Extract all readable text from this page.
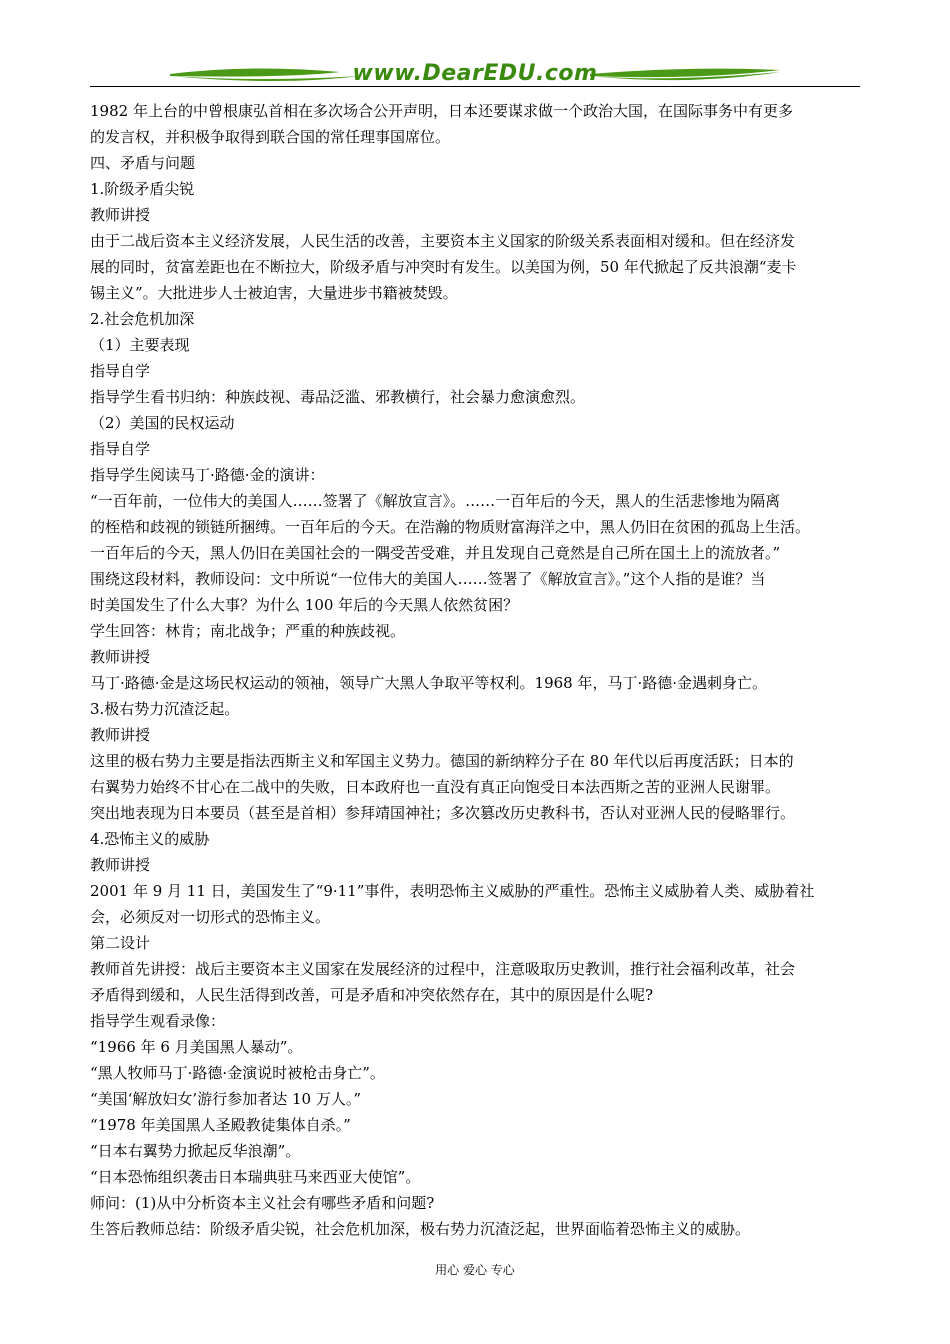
www.DearEDU.com
1982 年上台的中曾根康弘首相在多次场合公开声明，日本还要谋求做一个政治大国，在国际事务中有更多
的发言权，并积极争取得到联合国的常任理事国席位。
四、矛盾与问题
1.阶级矛盾尖锐
教师讲授
由于二战后资本主义经济发展，人民生活的改善，主要资本主义国家的阶级关系表面相对缓和。但在经济发
展的同时，贫富差距也在不断拉大，阶级矛盾与冲突时有发生。以美国为例，50 年代掀起了反共浪潮“麦卡
锡主义”。大批进步人士被迫害，大量进步书籍被焚毁。
2.社会危机加深
（1）主要表现
指导自学
指导学生看书归纳：种族歧视、毒品泛滥、邪教横行，社会暴力愈演愈烈。
（2）美国的民权运动
指导自学
指导学生阅读马丁·路德·金的演讲：
“一百年前，一位伟大的美国人……签署了《解放宣言》。……一百年后的今天，黑人的生活悲惨地为隔离
的桎梏和歧视的锁链所捆缚。一百年后的今天。在浩瀚的物质财富海洋之中，黑人仍旧在贫困的孤岛上生活。
一百年后的今天，黑人仍旧在美国社会的一隅受苦受难，并且发现自己竟然是自己所在国土上的流放者。”
围绕这段材料，教师设问：文中所说“一位伟大的美国人……签署了《解放宣言》。”这个人指的是谁？当
时美国发生了什么大事？为什么 100 年后的今天黑人依然贫困？
学生回答：林肯；南北战争；严重的种族歧视。
教师讲授
马丁·路德·金是这场民权运动的领袖，领导广大黑人争取平等权利。1968 年，马丁·路德·金遇刺身亡。
3.极右势力沉渣泛起。
教师讲授
这里的极右势力主要是指法西斯主义和军国主义势力。德国的新纳粹分子在 80 年代以后再度活跃；日本的
右翼势力始终不甘心在二战中的失败，日本政府也一直没有真正向饱受日本法西斯之苦的亚洲人民谢罪。
突出地表现为日本要员（甚至是首相）参拜靖国神社；多次篡改历史教科书，否认对亚洲人民的侵略罪行。
4.恐怖主义的威胁
教师讲授
2001 年 9 月 11 日，美国发生了“9·11”事件，表明恐怖主义威胁的严重性。恐怖主义威胁着人类、威胁着社
会，必须反对一切形式的恐怖主义。
第二设计
教师首先讲授：战后主要资本主义国家在发展经济的过程中，注意吸取历史教训，推行社会福利改革，社会
矛盾得到缓和，人民生活得到改善，可是矛盾和冲突依然存在，其中的原因是什么呢?
指导学生观看录像：
“1966 年 6 月美国黑人暴动”。
“黑人牧师马丁·路德·金演说时被枪击身亡”。
“美国‘解放妇女’游行参加者达 10 万人。”
“1978 年美国黑人圣殿教徒集体自杀。”
“日本右翼势力掀起反华浪潮”。
“日本恐怖组织袭击日本瑞典驻马来西亚大使馆”。
师问：(1)从中分析资本主义社会有哪些矛盾和问题?
生答后教师总结：阶级矛盾尖锐，社会危机加深，极右势力沉渣泛起，世界面临着恐怖主义的威胁。
用心 爱心 专心
